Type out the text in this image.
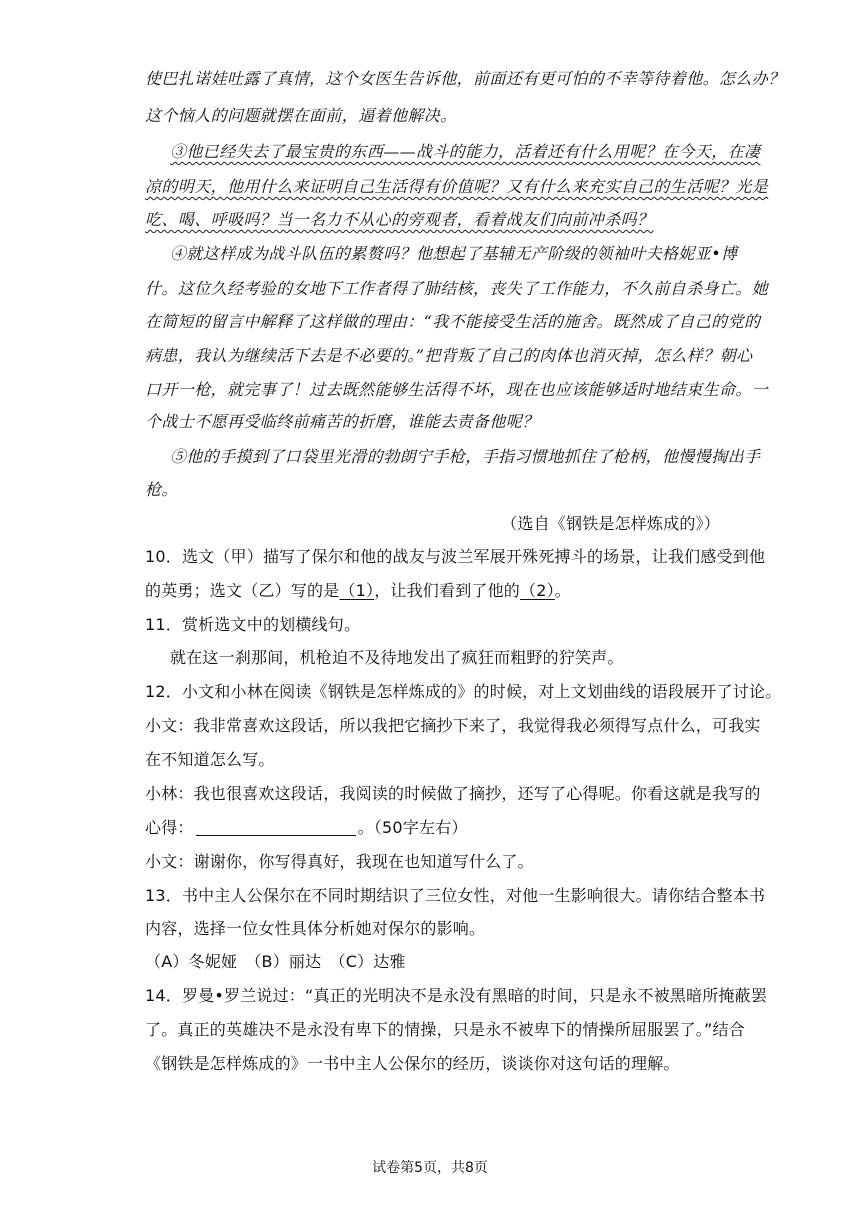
使巴扎诺娃吐露了真情，这个女医生告诉他，前面还有更可怕的不幸等待着他。怎么办？
这个恼人的问题就摆在面前，逼着他解决。
③他已经失去了最宝贵的东西——战斗的能力，活着还有什么用呢？在今天，在凄
凉的明天，他用什么来证明自己生活得有价值呢？又有什么来充实自己的生活呢？光是
吃、喝、呼吸吗？当一名力不从心的旁观者，看着战友们向前冲杀吗？
④就这样成为战斗队伍的累赘吗？他想起了基辅无产阶级的领袖叶夫格妮亚•博
什。这位久经考验的女地下工作者得了肺结核，丧失了工作能力，不久前自杀身亡。她
在简短的留言中解释了这样做的理由：“我不能接受生活的施舍。既然成了自己的党的
病患，我认为继续活下去是不必要的。”把背叛了自己的肉体也消灭掉，怎么样？朝心
口开一枪，就完事了！过去既然能够生活得不坏，现在也应该能够适时地结束生命。一
个战士不愿再受临终前痛苦的折磨，谁能去责备他呢？
⑤他的手摸到了口袋里光滑的勃朗宁手枪，手指习惯地抓住了枪柄，他慢慢掏出手
枪。
（选自《钢铁是怎样炼成的》）
10．选文（甲）描写了保尔和他的战友与波兰军展开殊死搏斗的场景，让我们感受到他
的英勇；选文（乙）写的是（1），让我们看到了他的（2）。
11．赏析选文中的划横线句。
就在这一刹那间，机枪迫不及待地发出了疯狂而粗野的狞笑声。
12．小文和小林在阅读《钢铁是怎样炼成的》的时候，对上文划曲线的语段展开了讨论。
小文：我非常喜欢这段话，所以我把它摘抄下来了，我觉得我必须得写点什么，可我实
在不知道怎么写。
小林：我也很喜欢这段话，我阅读的时候做了摘抄，还写了心得呢。你看这就是我写的
心得：	。（50字左右）
小文：谢谢你，你写得真好，我现在也知道写什么了。
13．书中主人公保尔在不同时期结识了三位女性，对他一生影响很大。请你结合整本书
内容，选择一位女性具体分析她对保尔的影响。
（A）冬妮娅　（B）丽达　（C）达雅
14．罗曼•罗兰说过：“真正的光明决不是永没有黑暗的时间，只是永不被黑暗所掩蔽罢
了。真正的英雄决不是永没有卑下的情操，只是永不被卑下的情操所屈服罢了。”结合
《钢铁是怎样炼成的》一书中主人公保尔的经历，谈谈你对这句话的理解。
试卷第5页，共8页
